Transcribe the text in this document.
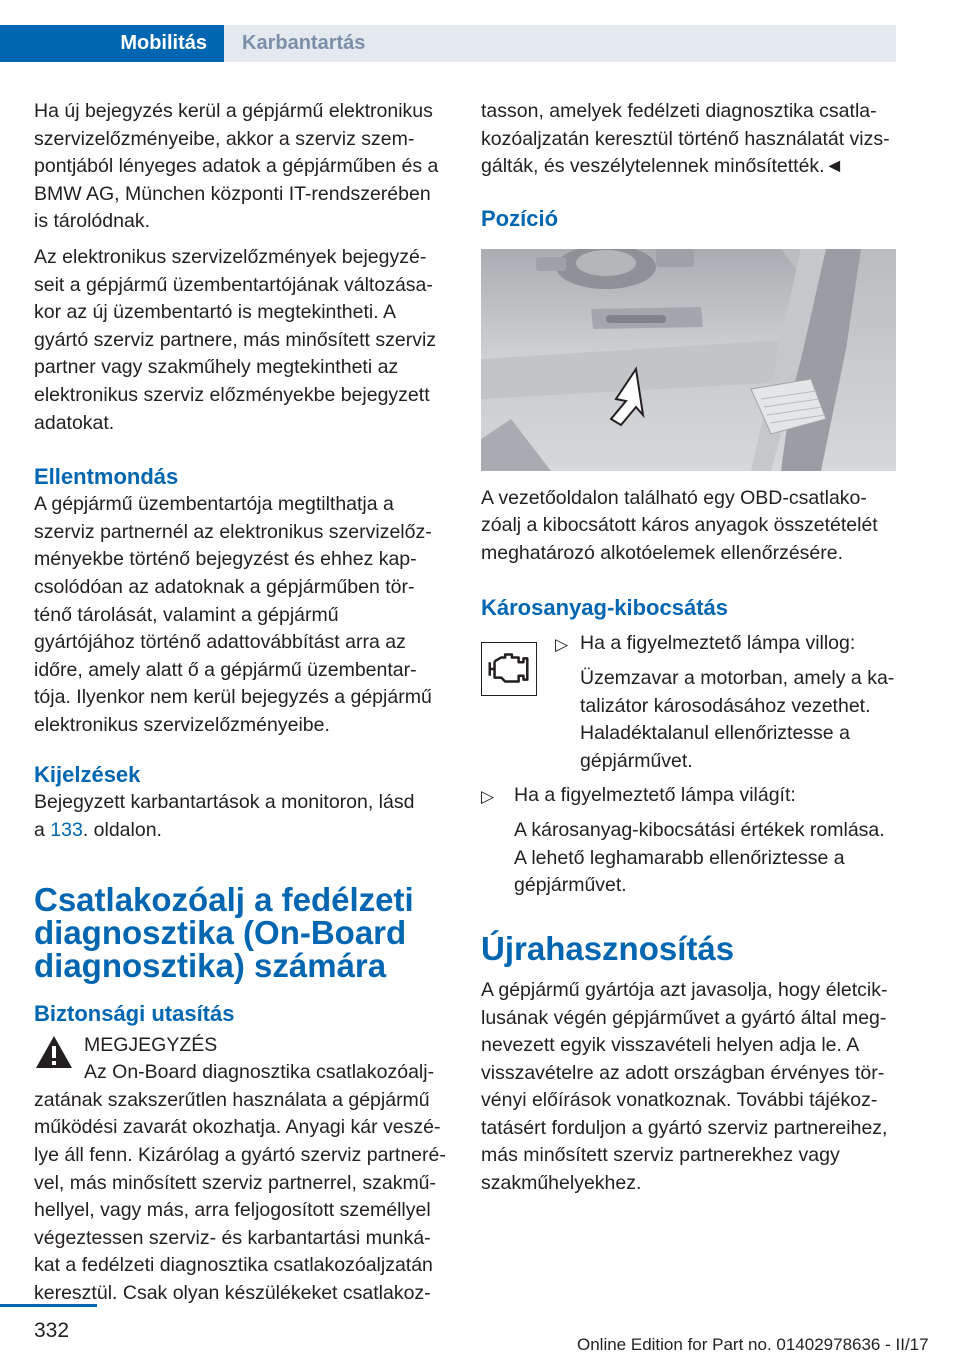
Mobilitás	Karbantartás
Ha új bejegyzés kerül a gépjármű elektronikus
szervizelőzményeibe, akkor a szerviz szem‐
pontjából lényeges adatok a gépjárműben és a
BMW AG, München központi IT-rendszerében
is tárolódnak.
Az elektronikus szervizelőzmények bejegyzé‐
seit a gépjármű üzembentartójának változása‐
kor az új üzembentartó is megtekintheti. A
gyártó szerviz partnere, más minősített szerviz
partner vagy szakműhely megtekintheti az
elektronikus szerviz előzményekbe bejegyzett
adatokat.
Ellentmondás
A gépjármű üzembentartója megtilthatja a
szerviz partnernél az elektronikus szervizelőz‐
ményekbe történő bejegyzést és ehhez kap‐
csolódóan az adatoknak a gépjárműben tör‐
ténő tárolását, valamint a gépjármű
gyártójához történő adattovábbítást arra az
időre, amely alatt ő a gépjármű üzembentar‐
tója. Ilyenkor nem kerül bejegyzés a gépjármű
elektronikus szervizelőzményeibe.
Kijelzések
Bejegyzett karbantartások a monitoron, lásd
a 133. oldalon.
Csatlakozóalj a fedélzeti
diagnosztika (On-Board
diagnosztika) számára
Biztonsági utasítás
MEGJEGYZÉS
Az On-Board diagnosztika csatlakozóalj‐
zatának szakszerűtlen használata a gépjármű
működési zavarát okozhatja. Anyagi kár veszé‐
lye áll fenn. Kizárólag a gyártó szerviz partneré‐
vel, más minősített szerviz partnerrel, szakmű‐
hellyel, vagy más, arra feljogosított személlyel
végeztessen szerviz- és karbantartási munká‐
kat a fedélzeti diagnosztika csatlakozóaljzatán
keresztül. Csak olyan készülékeket csatlakoz‐
tasson, amelyek fedélzeti diagnosztika csatla‐
kozóaljzatán keresztül történő használatát vizs‐
gálták, és veszélytelennek minősítették.◄
Pozíció
A vezetőoldalon található egy OBD-csatlako‐
zóalj a kibocsátott káros anyagok összetételét
meghatározó alkotóelemek ellenőrzésére.
Károsanyag-kibocsátás
▷ Ha a figyelmeztető lámpa villog:
Üzemzavar a motorban, amely a ka‐
talizátor károsodásához vezethet.
Haladéktalanul ellenőriztesse a
gépjárművet.
▷ Ha a figyelmeztető lámpa világít:
A károsanyag-kibocsátási értékek romlása.
A lehető leghamarabb ellenőriztesse a
gépjárművet.
Újrahasznosítás
A gépjármű gyártója azt javasolja, hogy életcik‐
lusának végén gépjárművet a gyártó által meg‐
nevezett egyik visszavételi helyen adja le. A
visszavételre az adott országban érvényes tör‐
vényi előírások vonatkoznak. További tájékoz‐
tatásért forduljon a gyártó szerviz partnereihez,
más minősített szerviz partnerekhez vagy
szakműhelyekhez.
332
Online Edition for Part no. 01402978636 - II/17
